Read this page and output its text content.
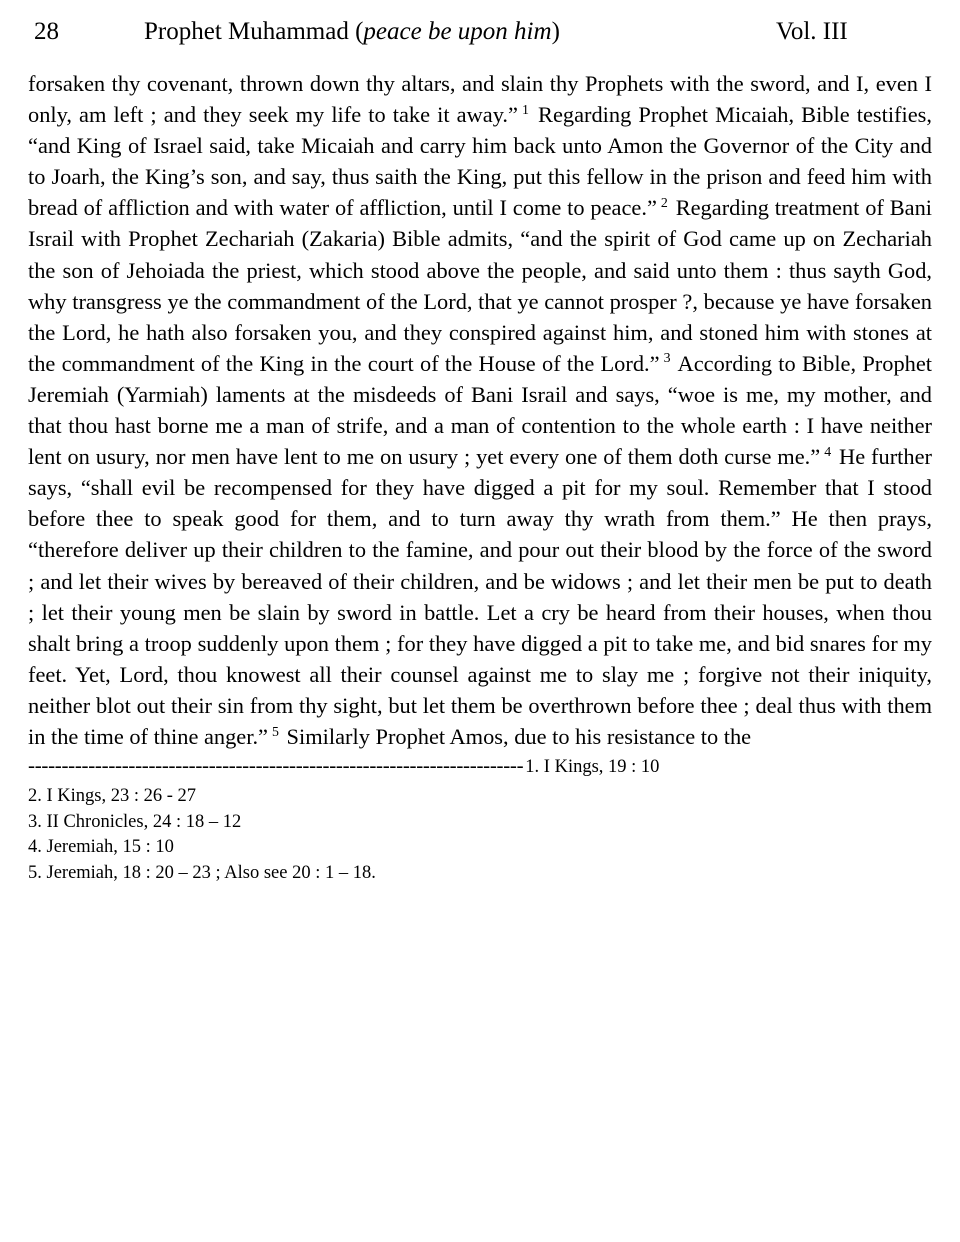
28	Prophet Muhammad (peace be upon him)	Vol. III
forsaken thy covenant, thrown down thy altars, and slain thy Prophets with the sword, and I, even I only, am left ; and they seek my life to take it away.” $^1$ Regarding Prophet Micaiah, Bible testifies, “and King of Israel said, take Micaiah and carry him back unto Amon the Governor of the City and to Joarh, the King’s son, and say, thus saith the King, put this fellow in the prison and feed him with bread of affliction and with water of affliction, until I come to peace.” $^2$ Regarding treatment of Bani Israil with Prophet Zechariah (Zakaria) Bible admits, “and the spirit of God came up on Zechariah the son of Jehoiada the priest, which stood above the people, and said unto them : thus sayth God, why transgress ye the commandment of the Lord, that ye cannot prosper ?, because ye have forsaken the Lord, he hath also forsaken you, and they conspired against him, and stoned him with stones at the commandment of the King in the court of the House of the Lord.” $^3$ According to Bible, Prophet Jeremiah (Yarmiah) laments at the misdeeds of Bani Israil and says, “woe is me, my mother, and that thou hast borne me a man of strife, and a man of contention to the whole earth : I have neither lent on usury, nor men have lent to me on usury ; yet every one of them doth curse me.” $^4$ He further says, “shall evil be recompensed for they have digged a pit for my soul. Remember that I stood before thee to speak good for them, and to turn away thy wrath from them.” He then prays, “therefore deliver up their children to the famine, and pour out their blood by the force of the sword ; and let their wives by bereaved of their children, and be widows ; and let their men be put to death ; let their young men be slain by sword in battle. Let a cry be heard from their houses, when thou shalt bring a troop suddenly upon them ; for they have digged a pit to take me, and bid snares for my feet. Yet, Lord, thou knowest all their counsel against me to slay me ; forgive not their iniquity, neither blot out their sin from thy sight, but let them be overthrown before thee ; deal thus with them in the time of thine anger.” $^5$ Similarly Prophet Amos, due to his resistance to the
-------------------------------------------------------------------------- 1. I Kings, 19 : 10
2. I Kings, 23 : 26 - 27
3. II Chronicles, 24 : 18 – 12
4. Jeremiah, 15 : 10
5. Jeremiah, 18 : 20 – 23 ; Also see 20 : 1 – 18.
